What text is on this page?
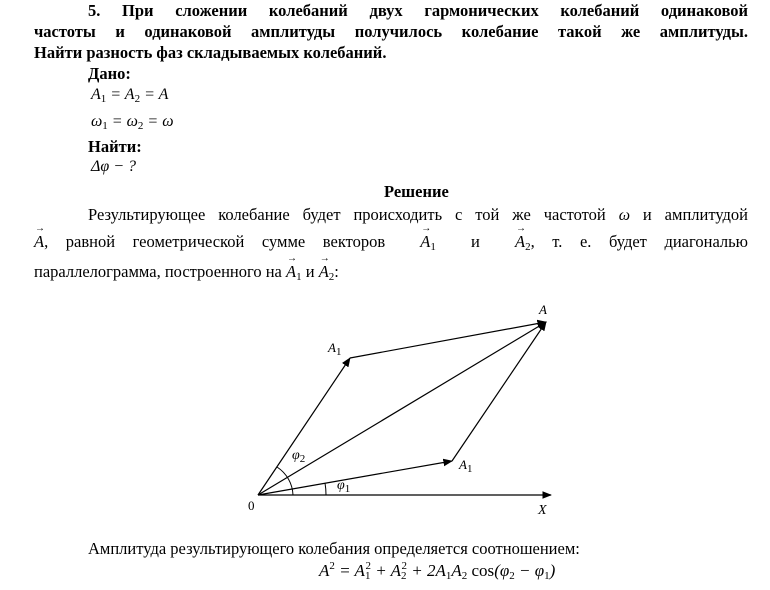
5. При сложении колебаний двух гармонических колебаний одинаковой
частоты и одинаковой амплитуды получилось колебание такой же амплитуды.
Найти разность фаз складываемых колебаний.
Дано:
$A_1 = A_2 = A$
$\omega_1 = \omega_2 = \omega$
Найти:
Δφ − ?
Решение
Результирующее колебание будет происходить с той же частотой ω и амплитудой
→ A, равной геометрической сумме векторов → $A_1$ $и \to A_2$, т. е. будет диагональю
параллелограмма, построенного на → $A_1$ $и \to A_2$:
A
$A_1$
$A_1$
$\varphi_2$
$\varphi_1$
0	X
Амплитуда результирующего колебания определяется соотношением:
$A^2 = A_1^2 + A_2^2 + 2A_1A_2$ $\cos(\varphi_2 - \varphi_1)$
